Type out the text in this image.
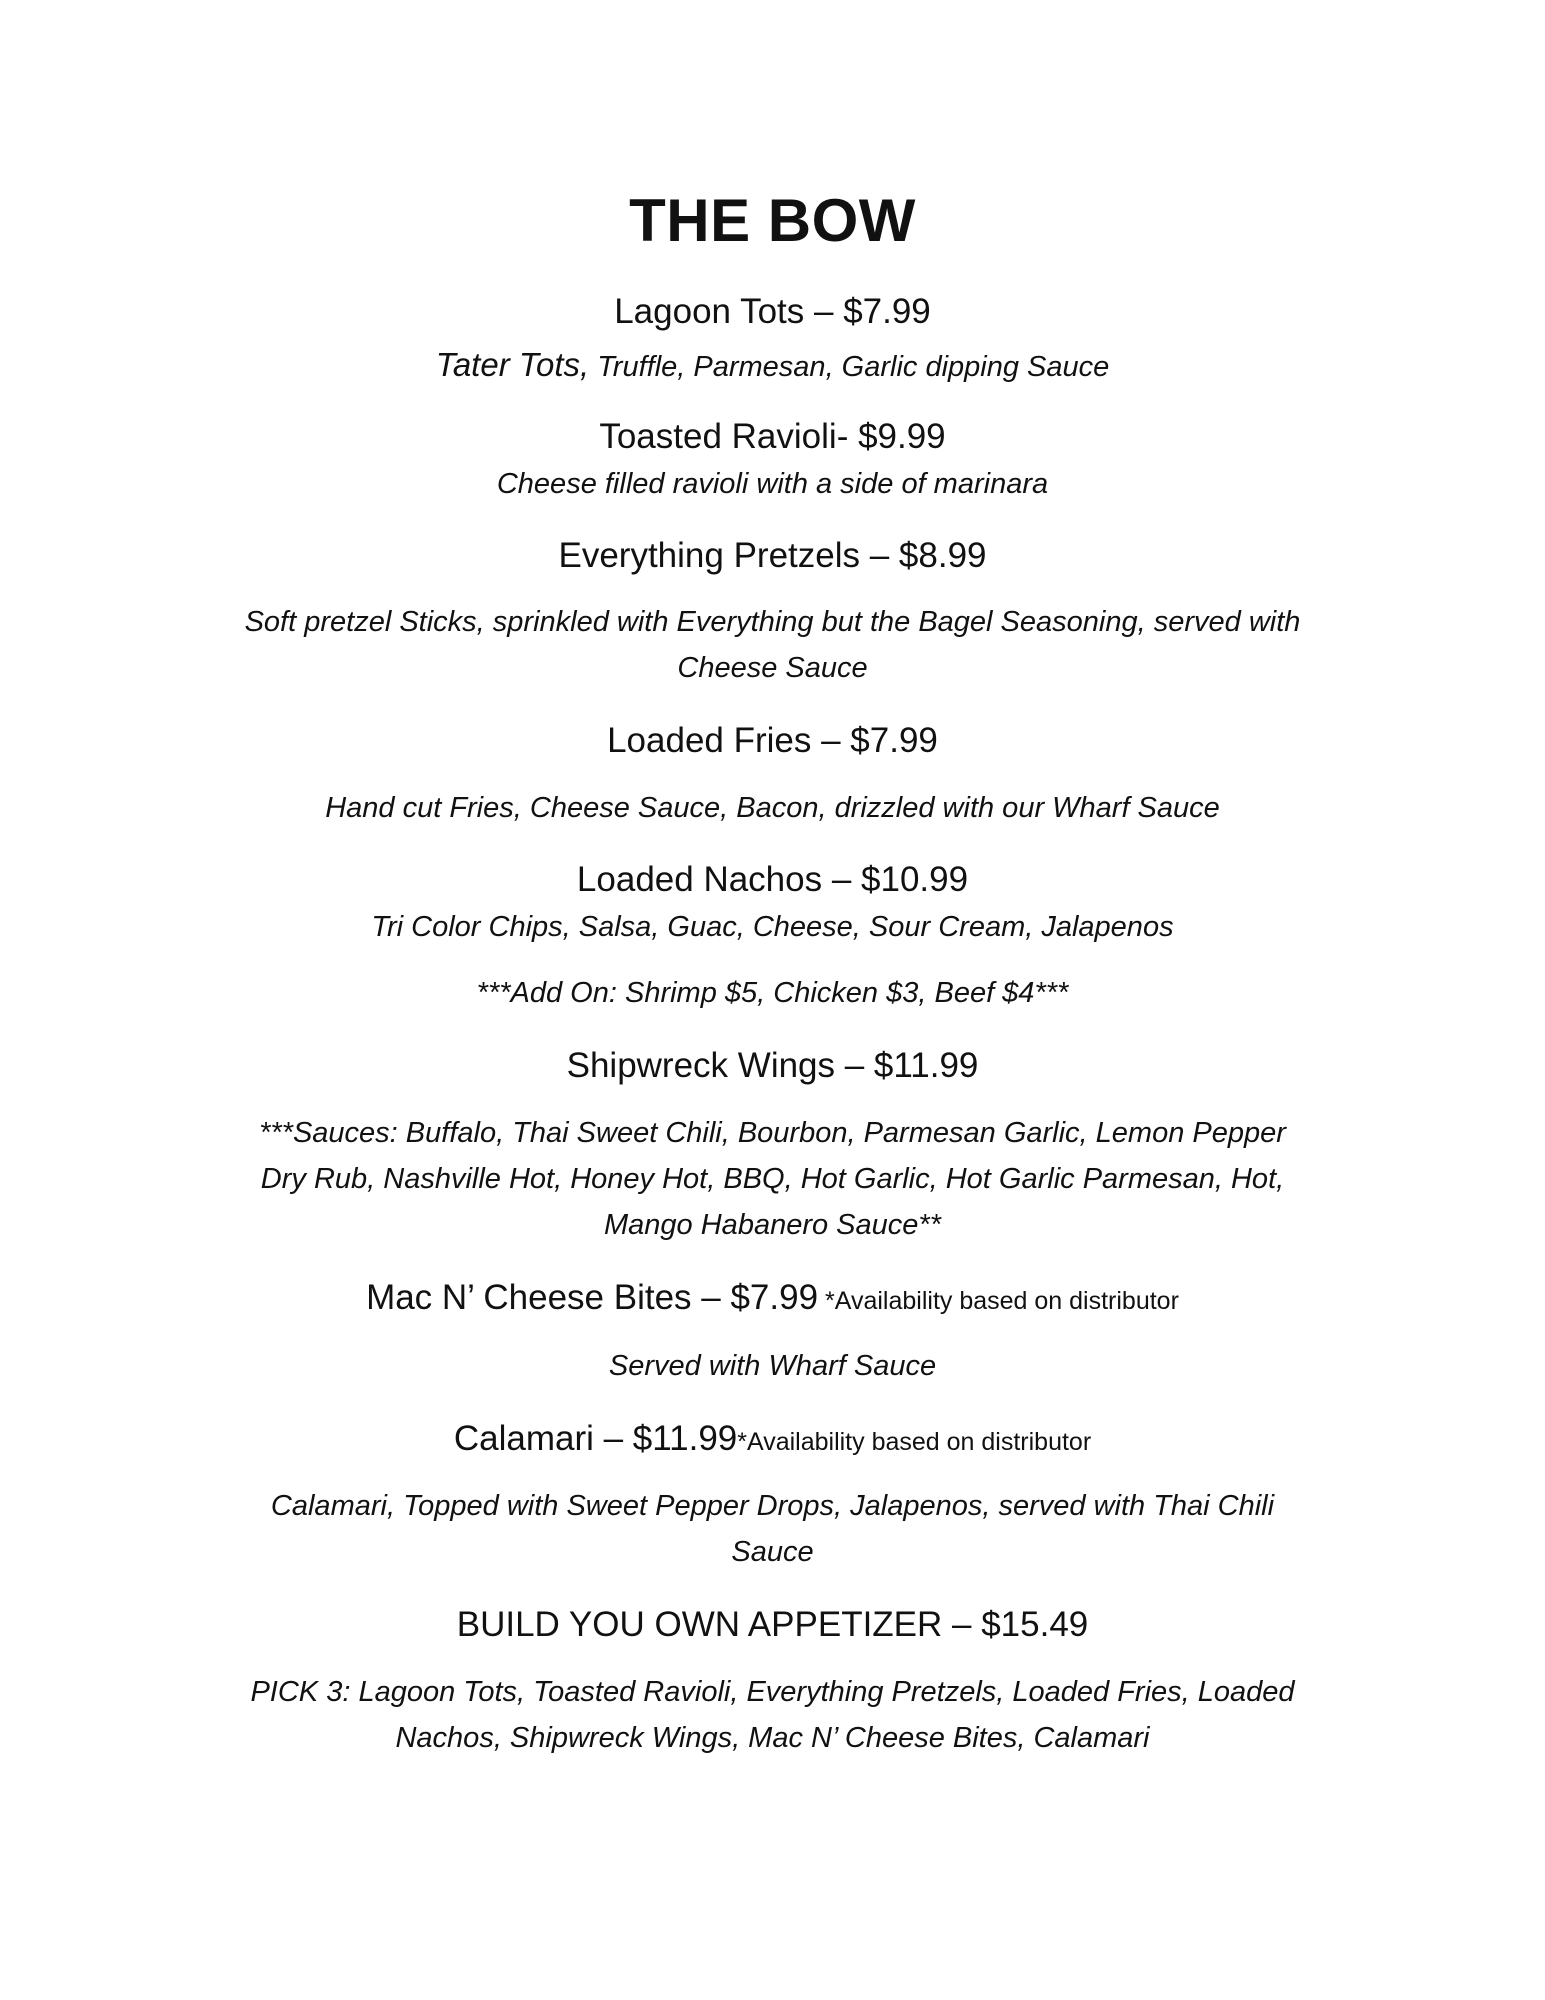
THE BOW
Lagoon Tots – $7.99
Tater Tots, Truffle, Parmesan, Garlic dipping Sauce
Toasted Ravioli- $9.99
Cheese filled ravioli with a side of marinara
Everything Pretzels – $8.99
Soft pretzel Sticks, sprinkled with Everything but the Bagel Seasoning, served with
Cheese Sauce
Loaded Fries – $7.99
Hand cut Fries, Cheese Sauce, Bacon, drizzled with our Wharf Sauce
Loaded Nachos – $10.99
Tri Color Chips, Salsa, Guac, Cheese, Sour Cream, Jalapenos
***Add On: Shrimp $5, Chicken $3, Beef $4***
Shipwreck Wings – $11.99
***Sauces: Buffalo, Thai Sweet Chili, Bourbon, Parmesan Garlic, Lemon Pepper
Dry Rub, Nashville Hot, Honey Hot, BBQ, Hot Garlic, Hot Garlic Parmesan, Hot,
Mango Habanero Sauce**
Mac N’ Cheese Bites – $7.99 *Availability based on distributor
Served with Wharf Sauce
Calamari – $11.99*Availability based on distributor
Calamari, Topped with Sweet Pepper Drops, Jalapenos, served with Thai Chili
Sauce
BUILD YOU OWN APPETIZER – $15.49
PICK 3: Lagoon Tots, Toasted Ravioli, Everything Pretzels, Loaded Fries, Loaded
Nachos, Shipwreck Wings, Mac N’ Cheese Bites, Calamari
